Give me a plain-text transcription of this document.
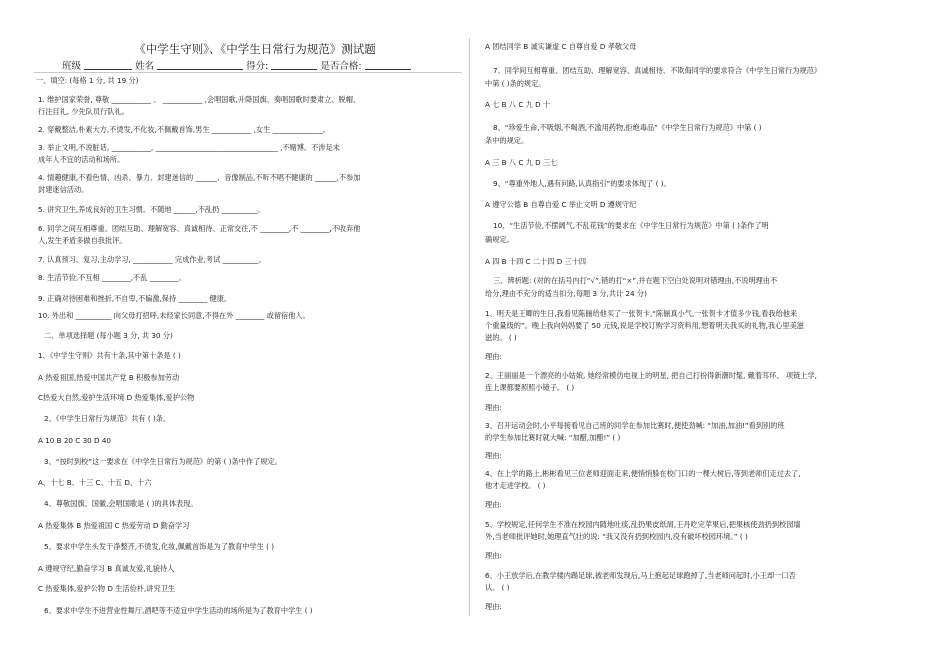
《中学生守则》、《中学生日常行为规范》测试题
班级	姓名	得分:	是否合格:
一、填空: (每格 1 分, 共 19 分)
1. 维护国家荣誉, 尊敬 ___________ 、 ___________ ,会唱国歌,升降国旗、奏唱国歌时要肃立、脱帽、
行注目礼, 少先队员行队礼。
2. 穿戴整洁,朴素大方,不烫发,不化妆,不佩戴首饰,男生 ___________ ,女生 ______________。
3. 举止文明,不说脏话, ___________, __________________________________ ,不赌博。不涉足未
成年人不宜的活动和场所。
4. 情趣健康,不看色情、凶杀、暴力、封建迷信的 ______、音像制品,不听不唱不健康的 ______,不参加
封建迷信活动。
5. 讲究卫生,养成良好的卫生习惯。不随地 ______,不乱扔 __________。
6. 同学之间互相尊重、团结互助、理解宽容、真诚相待、正常交往,不 ________,不 ________,不收弃他
人,发生矛盾多做自我批评。
7. 认真预习、复习,主动学习, ___________ 完成作业,考试 __________。
8. 生活节俭,不互相 ________,不乱 ________。
9. 正确对待困难和挫折,不自卑,不偏激,保持 ________ 健康。
10. 外出和 __________ 向父母打招呼,未经家长同意,不得在外 ________ 或留宿他人。
二、单项选择题 (每小题 3 分, 共 30 分)
1、《中学生守则》共有十条,其中第十条是 ( )
A 热爱祖国,热爱中国共产党 B 积极参加劳动
C热爱大自然,爱护生活环境 D 热爱集体,爱护公物
2、《中学生日常行为规范》共有 ( )条。
A 10 B 20 C 30 D 40
3、“按时到校”这一要求在《中学生日常行为规范》的第 ( )条中作了规定。
A、十七 B、十三 C、十五 D、十六
4、尊敬国旗、国徽,会唱国歌是 ( )的具体表现。
A 热爱集体 B 热爱祖国 C 热爱劳动 D 勤奋学习
5、要求中学生头发干净整齐,不烫发,化妆,佩戴首饰是为了教育中学生 ( )
A 遵规守纪,勤奋学习 B 真诚友爱,礼貌待人
C 热爱集体,爱护公物 D 生活俭朴,讲究卫生
6、要求中学生不进营业性舞厅,酒吧等不适宜中学生活动的场所是为了教育中学生 ( )
A 团结同学 B 诚实谦虚 C 自尊自爱 D 孝敬父母
7、同学间互相尊重、团结互助、理解宽容、真诚相待、不欺侮同学的要求符合《中学生日常行为规范》
中第 ( )条的规定。
A 七 B 八 C 九 D 十
8、“珍爱生命,不吸烟,不喝酒,不滥用药物,拒绝毒品”《中学生日常行为规范》中第 ( )
条中的规定。
A 三 B 八 C 九 D 三七
9、“尊重外地人,遇有问路,认真指引”的要求体现了 ( )。
A 遵守公德 B 自尊自爱 C 举止文明 D 遵规守纪
10、“生活节俭,不摆阔气,不乱花钱”的要求在《中学生日常行为规范》中第 ( )条作了明
确规定。
A 四 B 十四 C 二十四 D 三十四
三、辨析题: (对的在括号内打“√”,错的打“×”,并在题下空白处说明对错理由,不说明理由不
给分,理由不充分的适当扣分,每题 3 分,共计 24 分)
1、明天是王卿的生日,我看见陈俪给他买了一张贺卡,“陈俪真小气,一张贺卡才值多少钱,看我给他来
个重量级的”。晚上我向妈妈要了 50 元钱,说是学校订购学习资料用,想着明天我买的礼物,我心里美滋
滋的。 ( )
理由:
2、王丽丽是一个漂亮的小姑娘, 她经常模仿电视上的明星, 把自己打扮得新潮时髦, 戴着耳环、 项链上学,
连上课都要照照小镜子。 ( )
理由:
3、召开运动会时,小平每接看见自己班的同学在参加比赛时,便使劲喊: “加油,加油!”看到别的班
的学生参加比赛时就大喊: “加醋,加醋!” ( )
理由:
4、在上学的路上,彬彬看见三位老师迎面走来,便悄悄躲在校门口的一棵大树后,等到老师们走过去了,
他才走进学校。 ( )
理由:
5、学校规定,任何学生不准在校园内随地吐痰,乱扔果皮纸屑,王丹吃完苹果后,把果核使劲扔到校园墙
外,当老师批评她时,她理直气壮的说: “我又没有扔到校园内,没有破坏校园环境。” ( )
理由:
6、小王放学后,在教学楼内踢足球,被老师发现后,马上抱起足球跑掉了,当老师问起时,小王却一口否
认。 ( )
理由:
